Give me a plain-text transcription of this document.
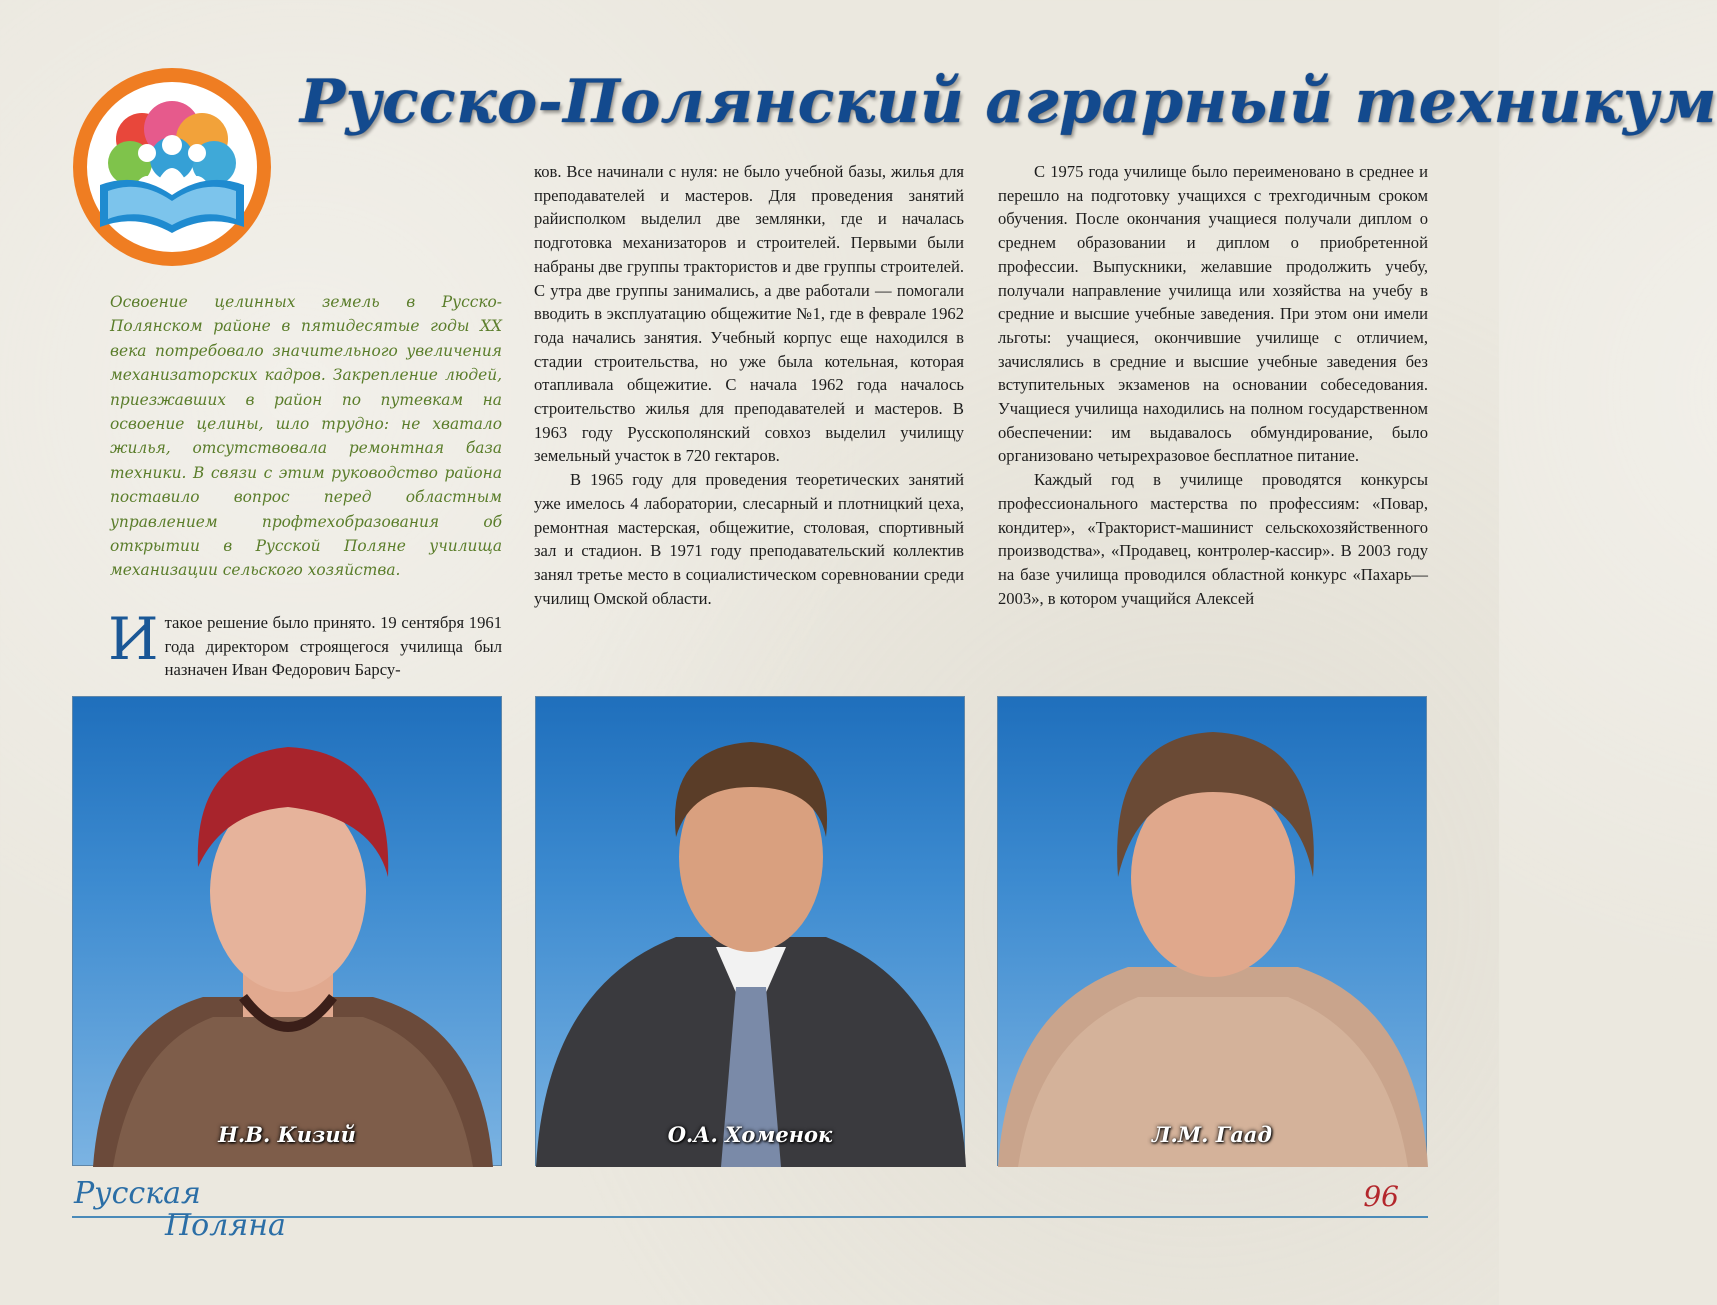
Русско-Полянский аграрный техникум
Освоение целинных земель в Русско-Полянском районе в пятидесятые годы XX века потребовало значительного увеличения механизаторских кадров. Закрепление людей, приезжавших в район по путевкам на освоение целины, шло трудно: не хватало жилья, отсутствовала ремонтная база техники. В связи с этим руководство района поставило вопрос перед областным управлением профтехобразования об открытии в Русской Поляне училища механизации сельского хозяйства.
И такое решение было принято. 19 сентября 1961 года директором строящегося училища был назначен Иван Федорович Барсу-

ков. Все начинали с нуля: не было учебной базы, жилья для преподавателей и мастеров. Для проведения занятий райисполком выделил две землянки, где и началась подготовка механизаторов и строителей. Первыми были набраны две группы трактористов и две группы строителей. С утра две группы занимались, а две работали — помогали вводить в эксплуатацию общежитие №1, где в феврале 1962 года начались занятия. Учебный корпус еще находился в стадии строительства, но уже была котельная, которая отапливала общежитие. С начала 1962 года началось строительство жилья для преподавателей и мастеров. В 1963 году Русскополянский совхоз выделил училищу земельный участок в 720 гектаров.

В 1965 году для проведения теоретических занятий уже имелось 4 лаборатории, слесарный и плотницкий цеха, ремонтная мастерская, общежитие, столовая, спортивный зал и стадион. В 1971 году преподавательский коллектив занял третье место в социалистическом соревновании среди училищ Омской области.

С 1975 года училище было переименовано в среднее и перешло на подготовку учащихся с трехгодичным сроком обучения. После окончания учащиеся получали диплом о среднем образовании и диплом о приобретенной профессии. Выпускники, желавшие продолжить учебу, получали направление училища или хозяйства на учебу в средние и высшие учебные заведения. При этом они имели льготы: учащиеся, окончившие училище с отличием, зачислялись в средние и высшие учебные заведения без вступительных экзаменов на основании собеседования. Учащиеся училища находились на полном государственном обеспечении: им выдавалось обмундирование, было организовано четырехразовое бесплатное питание.

Каждый год в училище проводятся конкурсы профессионального мастерства по профессиям: «Повар, кондитер», «Тракторист-машинист сельскохозяйственного производства», «Продавец, контролер-кассир». В 2003 году на базе училища проводился областной конкурс «Пахарь—2003», в котором учащийся Алексей

Н.В. Кизий	О.А. Хоменок	Л.М. Гаад
Русская
Поляна
96
